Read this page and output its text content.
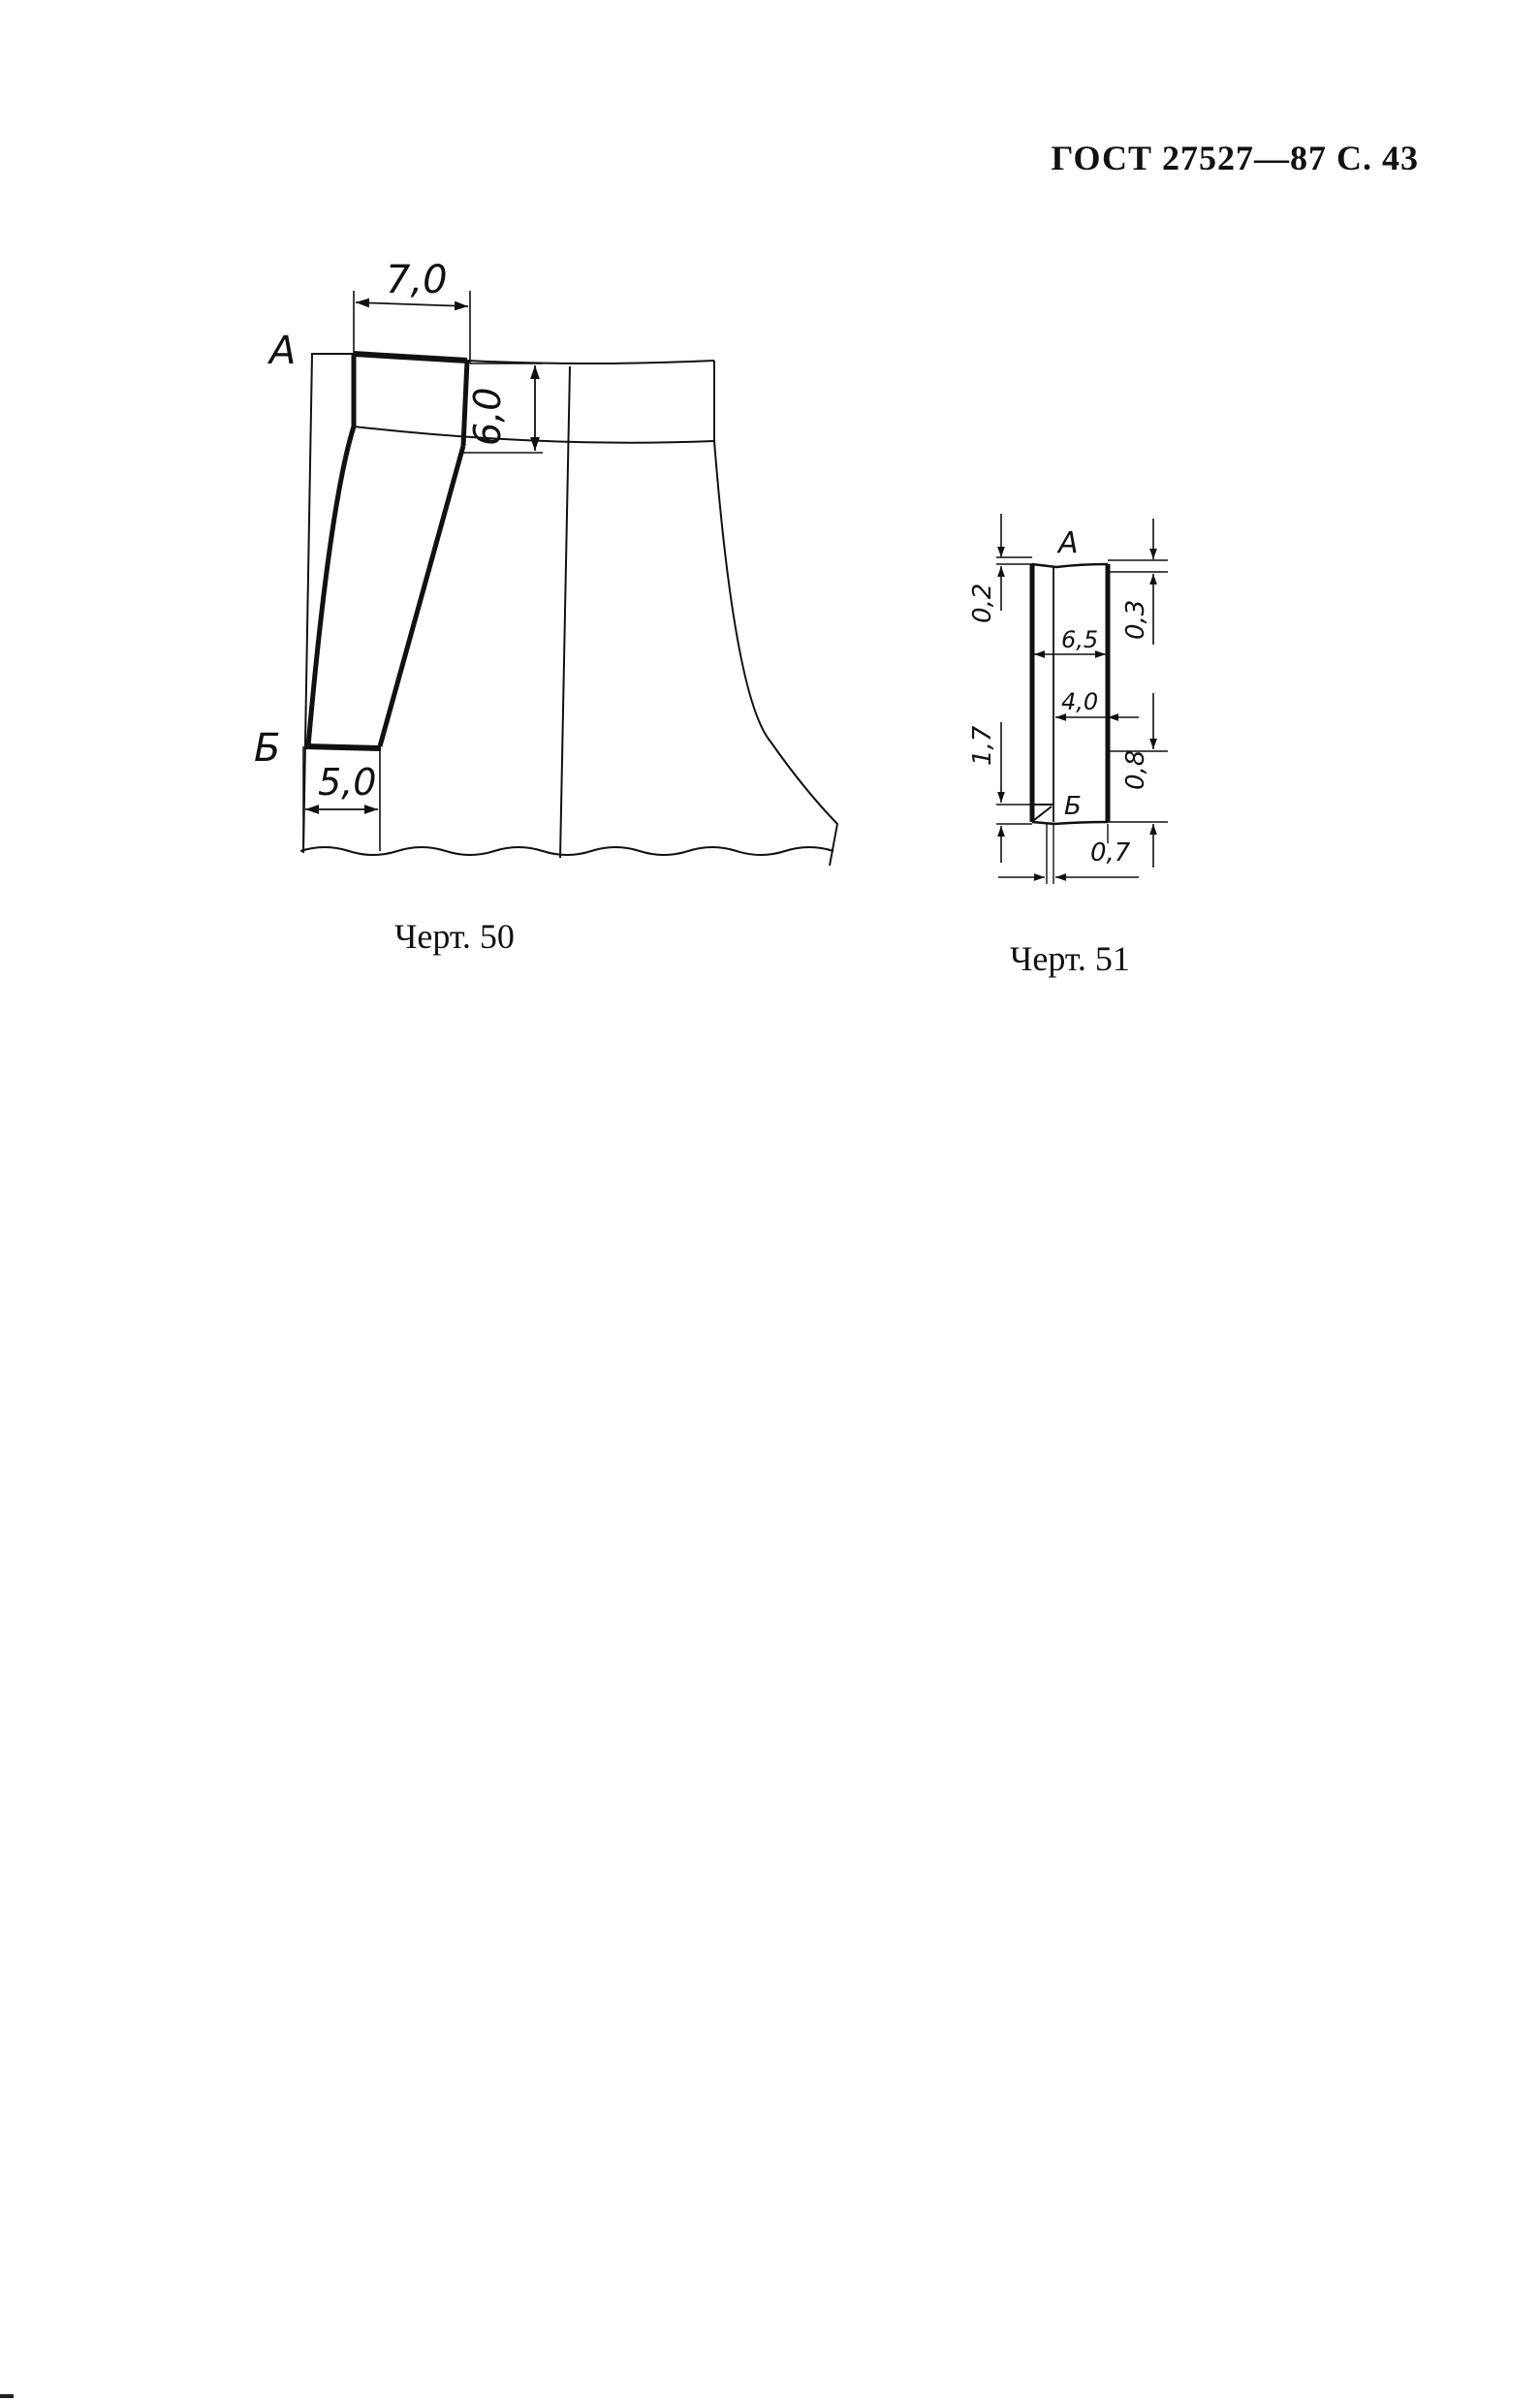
ГОСТ 27527—87 С. 43
7,0
6,0
5,0
А
Б
Черт. 50
А
Б
0,2	0,3
6,5
4,0
1,7
0,8
0,7
Черт. 51
